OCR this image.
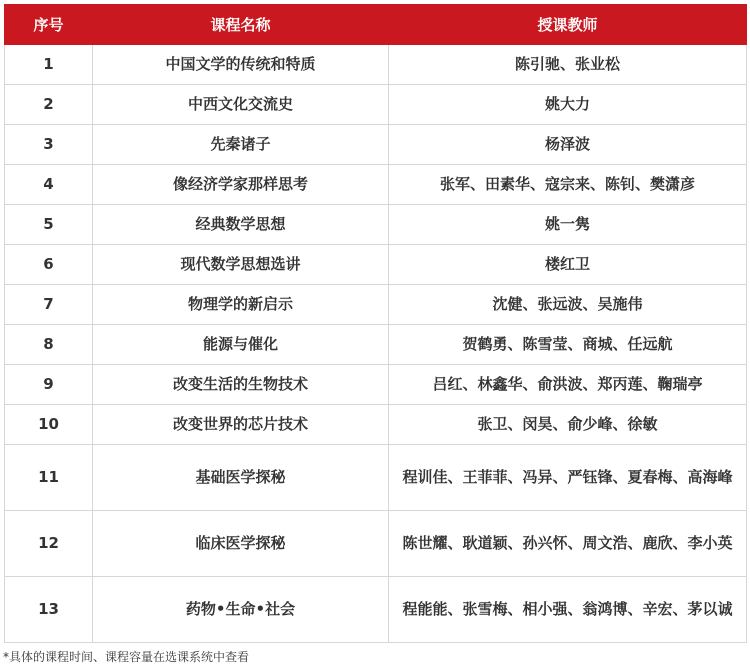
序号	课程名称	授课教师
1	中国文学的传统和特质	陈引驰、张业松
2	中西文化交流史	姚大力
3	先秦诸子	杨泽波
4	像经济学家那样思考	张军、田素华、寇宗来、陈钊、樊潇彦
5	经典数学思想	姚一隽
6	现代数学思想选讲	楼红卫
7	物理学的新启示	沈健、张远波、吴施伟
8	能源与催化	贺鹤勇、陈雪莹、商城、任远航
9	改变生活的生物技术	吕红、林鑫华、俞洪波、郑丙莲、鞠瑞亭
10	改变世界的芯片技术	张卫、闵昊、俞少峰、徐敏
11	基础医学探秘	程训佳、王菲菲、冯异、严钰锋、夏春梅、高海峰
12	临床医学探秘	陈世耀、耿道颖、孙兴怀、周文浩、鹿欣、李小英
13	药物•生命•社会	程能能、张雪梅、相小强、翁鸿博、辛宏、茅以诚
*具体的课程时间、课程容量在选课系统中查看
